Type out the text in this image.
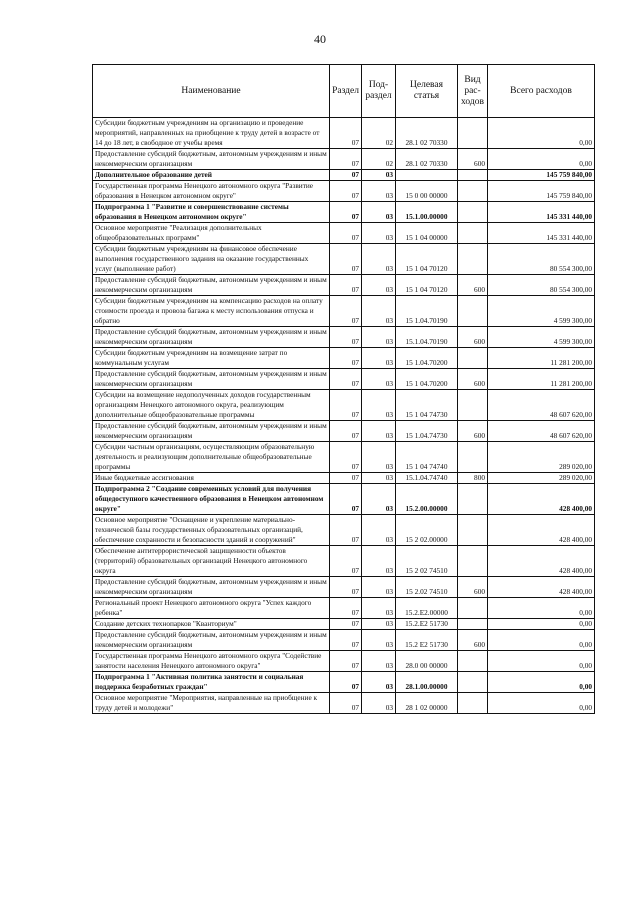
40
Наименование	Раздел	Под-раздел	Целевая статья	Вид рас-ходов	Всего расходов
Субсидии бюджетным учреждениям на организацию и проведение мероприятий, направленных на приобщение к труду детей в возрасте от 14 до 18 лет, в свободное от учебы время	07	02	28.1 02 70330		0,00
Предоставление субсидий бюджетным, автономным учреждениям и иным некоммерческим организациям	07	02	28.1 02 70330	600	0,00
Дополнительное образование детей	07	03			145 759 840,00
Государственная программа Ненецкого автономного округа "Развитие образования в Ненецком автономном округе"	07	03	15 0 00 00000		145 759 840,00
Подпрограмма 1 "Развитие и совершенствование системы образования в Ненецком автономном округе"	07	03	15.1.00.00000		145 331 440,00
Основное мероприятие "Реализация дополнительных общеобразовательных программ"	07	03	15 1 04 00000		145 331 440,00
Субсидии бюджетным учреждениям на финансовое обеспечение выполнения государственного задания на оказание государственных услуг (выполнение работ)	07	03	15 1 04 70120		80 554 300,00
Предоставление субсидий бюджетным, автономным учреждениям и иным некоммерческим организациям	07	03	15 1 04 70120	600	80 554 300,00
Субсидии бюджетным учреждениям на компенсацию расходов на оплату стоимости проезда и провоза багажа к месту использования отпуска и обратно	07	03	15 1.04.70190		4 599 300,00
Предоставление субсидий бюджетным, автономным учреждениям и иным некоммерческим организациям	07	03	15.1.04.70190	600	4 599 300,00
Субсидии бюджетным учреждениям на возмещение затрат по коммунальным услугам	07	03	15 1.04.70200		11 281 200,00
Предоставление субсидий бюджетным, автономным учреждениям и иным некоммерческим организациям	07	03	15 1 04.70200	600	11 281 200,00
Субсидии на возмещение недополученных доходов государственным организациям Ненецкого автономного округа, реализующим дополнительные общеобразовательные программы	07	03	15 1 04 74730		48 607 620,00
Предоставление субсидий бюджетным, автономным учреждениям и иным некоммерческим организациям	07	03	15 1.04.74730	600	48 607 620,00
Субсидии частным организациям, осуществляющим образовательную деятельность и реализующим дополнительные общеобразовательные программы	07	03	15 1 04 74740		289 020,00
Иные бюджетные ассигнования	07	03	15.1.04.74740	800	289 020,00
Подпрограмма 2 "Создание современных условий для получения общедоступного качественного образования в Ненецком автономном округе"	07	03	15.2.00.00000		428 400,00
Основное мероприятие "Оснащение и укрепление материально-технической базы государственных образовательных организаций, обеспечение сохранности и безопасности зданий и сооружений"	07	03	15 2 02.00000		428 400,00
Обеспечение антитеррористической защищенности объектов (территорий) образовательных организаций Ненецкого автономного округа	07	03	15 2 02 74510		428 400,00
Предоставление субсидий бюджетным, автономным учреждениям и иным некоммерческим организациям	07	03	15 2.02 74510	600	428 400,00
Региональный проект Ненецкого автономного округа "Успех каждого ребенка"	07	03	15.2.E2.00000		0,00
Создание детских технопарков "Кванториум"	07	03	15.2.E2 51730		0,00
Предоставление субсидий бюджетным, автономным учреждениям и иным некоммерческим организациям	07	03	15.2 E2 51730	600	0,00
Государственная программа Ненецкого автономного округа "Содействие занятости населения Ненецкого автономного округа"	07	03	28.0 00 00000		0,00
Подпрограмма 1 "Активная политика занятости и социальная поддержка безработных граждан"	07	03	28.1.00.00000		0,00
Основное мероприятие "Мероприятия, направленные на приобщение к труду детей и молодежи"	07	03	28 1 02 00000		0,00
